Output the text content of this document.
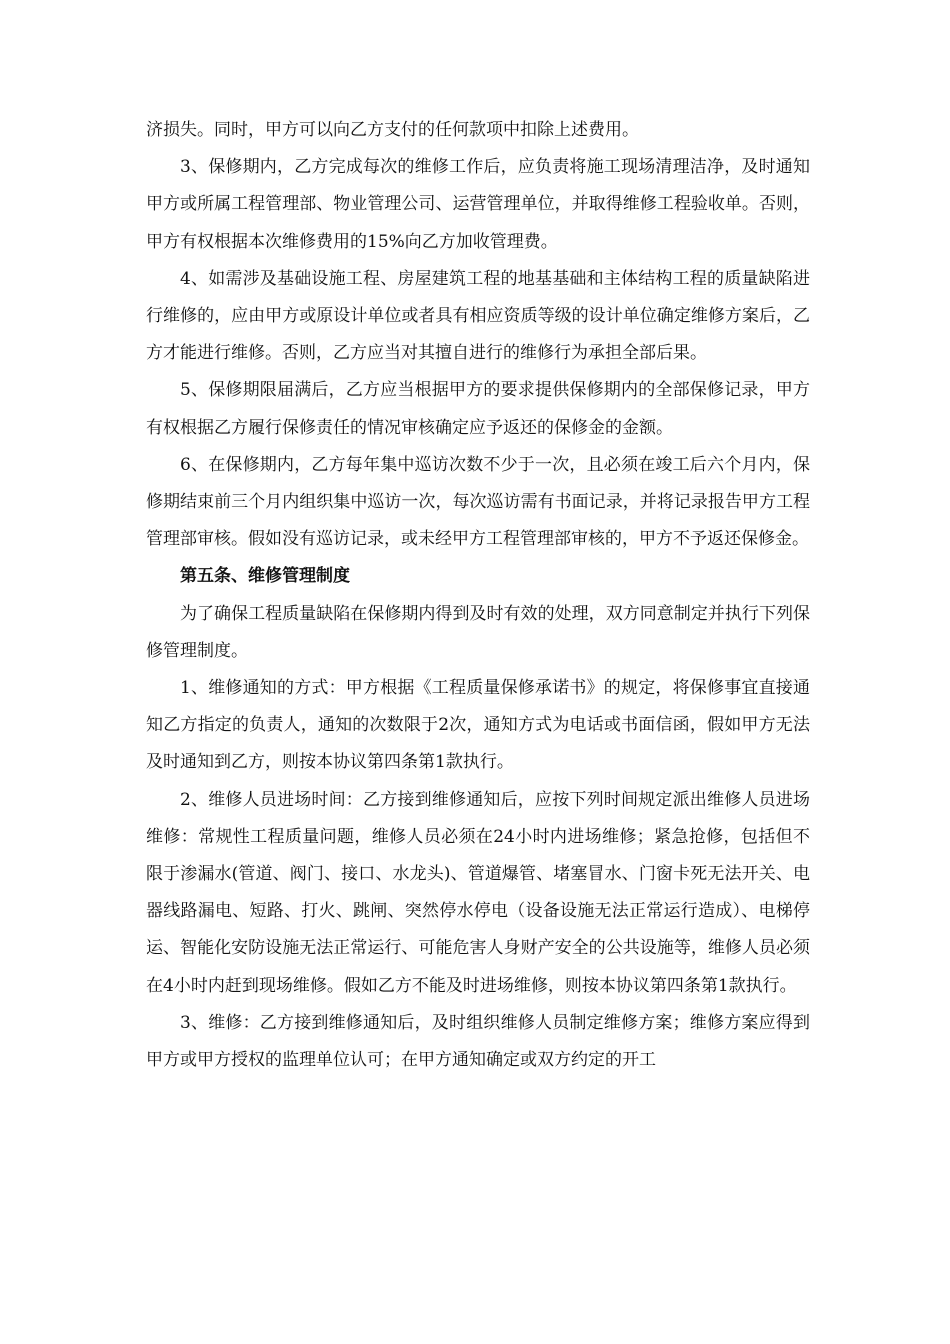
济损失。同时，甲方可以向乙方支付的任何款项中扣除上述费用。

3、保修期内，乙方完成每次的维修工作后，应负责将施工现场清理洁净，及时通知甲方或所属工程管理部、物业管理公司、运营管理单位，并取得维修工程验收单。否则，甲方有权根据本次维修费用的15%向乙方加收管理费。

4、如需涉及基础设施工程、房屋建筑工程的地基基础和主体结构工程的质量缺陷进行维修的，应由甲方或原设计单位或者具有相应资质等级的设计单位确定维修方案后，乙方才能进行维修。否则，乙方应当对其擅自进行的维修行为承担全部后果。

5、保修期限届满后，乙方应当根据甲方的要求提供保修期内的全部保修记录，甲方有权根据乙方履行保修责任的情况审核确定应予返还的保修金的金额。

6、在保修期内，乙方每年集中巡访次数不少于一次，且必须在竣工后六个月内，保修期结束前三个月内组织集中巡访一次，每次巡访需有书面记录，并将记录报告甲方工程管理部审核。假如没有巡访记录，或未经甲方工程管理部审核的，甲方不予返还保修金。

第五条、维修管理制度

为了确保工程质量缺陷在保修期内得到及时有效的处理，双方同意制定并执行下列保修管理制度。

1、维修通知的方式：甲方根据《工程质量保修承诺书》的规定，将保修事宜直接通知乙方指定的负责人，通知的次数限于2次，通知方式为电话或书面信函，假如甲方无法及时通知到乙方，则按本协议第四条第1款执行。

2、维修人员进场时间：乙方接到维修通知后，应按下列时间规定派出维修人员进场维修：常规性工程质量问题，维修人员必须在24小时内进场维修；紧急抢修，包括但不限于渗漏水(管道、阀门、接口、水龙头)、管道爆管、堵塞冒水、门窗卡死无法开关、电器线路漏电、短路、打火、跳闸、突然停水停电（设备设施无法正常运行造成）、电梯停运、智能化安防设施无法正常运行、可能危害人身财产安全的公共设施等，维修人员必须在4小时内赶到现场维修。假如乙方不能及时进场维修，则按本协议第四条第1款执行。

3、维修：乙方接到维修通知后，及时组织维修人员制定维修方案；维修方案应得到甲方或甲方授权的监理单位认可；在甲方通知确定或双方约定的开工
